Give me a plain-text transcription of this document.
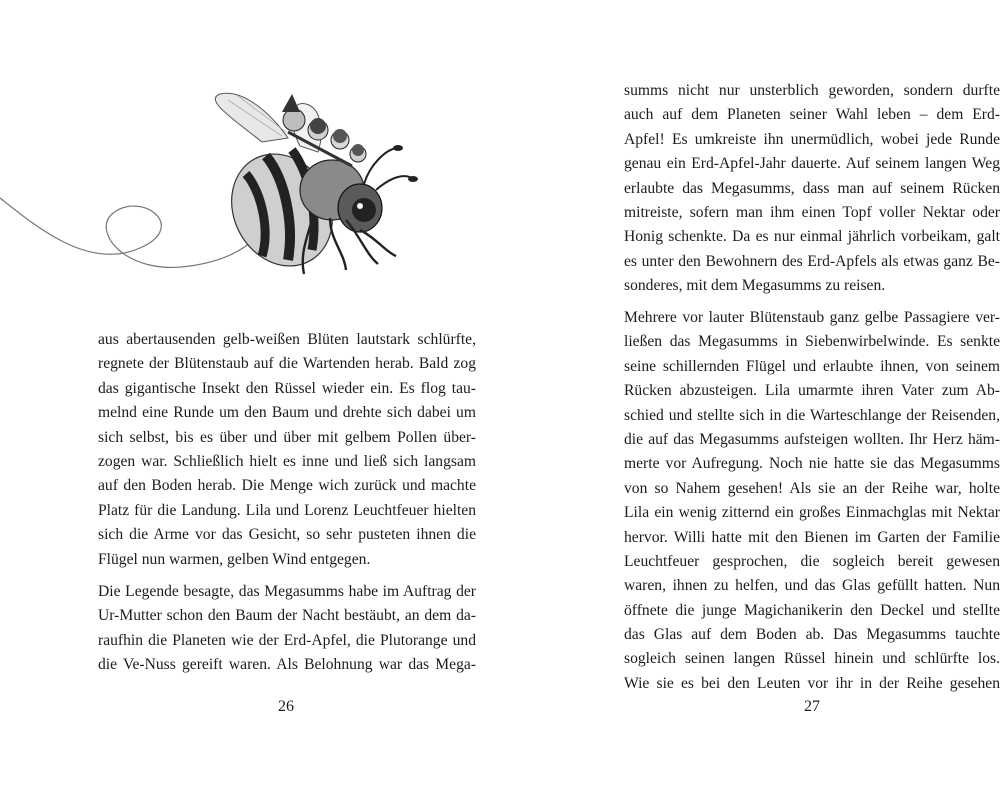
aus abertausenden gelb-weißen Blüten lautstark schlürfte,
regnete der Blütenstaub auf die Wartenden herab. Bald zog
das gigantische Insekt den Rüssel wieder ein. Es flog tau-
melnd eine Runde um den Baum und drehte sich dabei um
sich selbst, bis es über und über mit gelbem Pollen über-
zogen war. Schließlich hielt es inne und ließ sich langsam
auf den Boden herab. Die Menge wich zurück und machte
Platz für die Landung. Lila und Lorenz Leuchtfeuer hielten
sich die Arme vor das Gesicht, so sehr pusteten ihnen die
Flügel nun warmen, gelben Wind entgegen.
Die Legende besagte, das Megasumms habe im Auftrag der
Ur-Mutter schon den Baum der Nacht bestäubt, an dem da-
raufhin die Planeten wie der Erd-Apfel, die Plutorange und
die Ve-Nuss gereift waren. Als Belohnung war das Mega-
26
summs nicht nur unsterblich geworden, sondern durfte
auch auf dem Planeten seiner Wahl leben – dem Erd-
Apfel! Es umkreiste ihn unermüdlich, wobei jede Runde
genau ein Erd-Apfel-Jahr dauerte. Auf seinem langen Weg
erlaubte das Megasumms, dass man auf seinem Rücken
mitreiste, sofern man ihm einen Topf voller Nektar oder
Honig schenkte. Da es nur einmal jährlich vorbeikam, galt
es unter den Bewohnern des Erd-Apfels als etwas ganz Be-
sonderes, mit dem Megasumms zu reisen.
Mehrere vor lauter Blütenstaub ganz gelbe Passagiere ver-
ließen das Megasumms in Siebenwirbelwinde. Es senkte
seine schillernden Flügel und erlaubte ihnen, von seinem
Rücken abzusteigen. Lila umarmte ihren Vater zum Ab-
schied und stellte sich in die Warteschlange der Reisenden,
die auf das Megasumms aufsteigen wollten. Ihr Herz häm-
merte vor Aufregung. Noch nie hatte sie das Megasumms
von so Nahem gesehen! Als sie an der Reihe war, holte
Lila ein wenig zitternd ein großes Einmachglas mit Nektar
hervor. Willi hatte mit den Bienen im Garten der Familie
Leuchtfeuer gesprochen, die sogleich bereit gewesen
waren, ihnen zu helfen, und das Glas gefüllt hatten. Nun
öffnete die junge Magichanikerin den Deckel und stellte
das Glas auf dem Boden ab. Das Megasumms tauchte
sogleich seinen langen Rüssel hinein und schlürfte los.
Wie sie es bei den Leuten vor ihr in der Reihe gesehen
27
